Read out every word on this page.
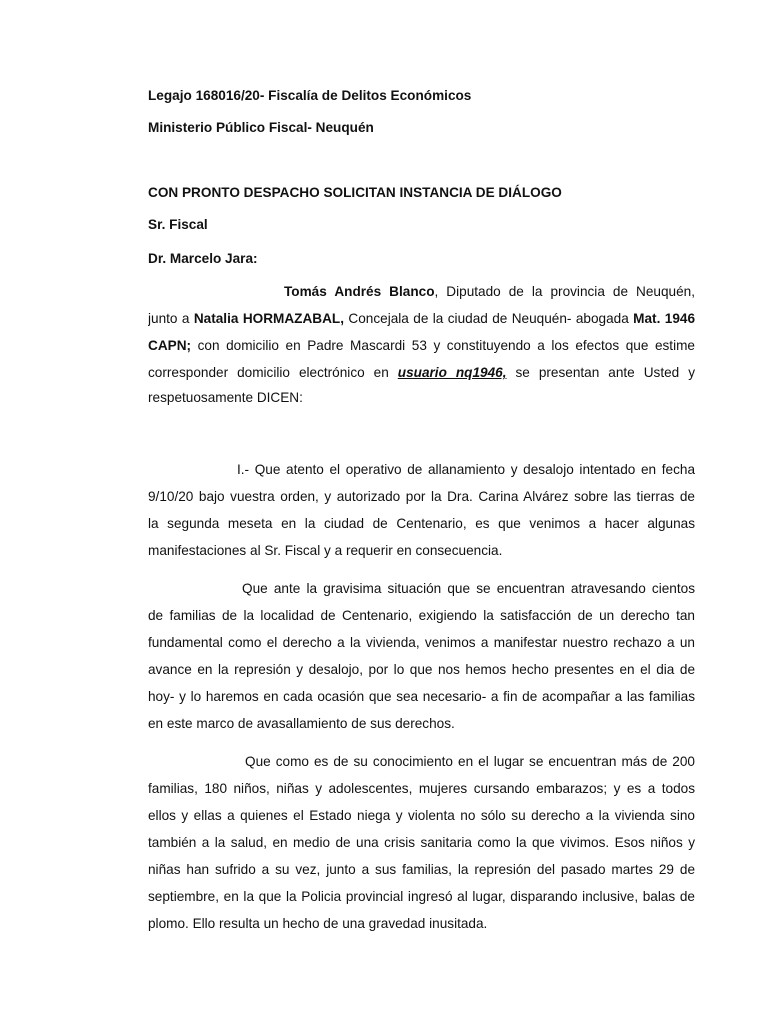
Legajo 168016/20- Fiscalía de Delitos Económicos
Ministerio Público Fiscal- Neuquén
CON PRONTO DESPACHO SOLICITAN INSTANCIA DE DIÁLOGO
Sr. Fiscal
Dr. Marcelo Jara:
Tomás Andrés Blanco, Diputado de la provincia de Neuquén,
junto a Natalia HORMAZABAL, Concejala de la ciudad de Neuquén- abogada Mat. 1946
CAPN; con domicilio en Padre Mascardi 53 y constituyendo a los efectos que estime
corresponder domicilio electrónico en usuario nq1946, se presentan ante Usted y
respetuosamente DICEN:
I.- Que atento el operativo de allanamiento y desalojo intentado en fecha
9/10/20 bajo vuestra orden, y autorizado por la Dra. Carina Alvárez sobre las tierras de
la segunda meseta en la ciudad de Centenario, es que venimos a hacer algunas
manifestaciones al Sr. Fiscal y a requerir en consecuencia.
Que ante la gravisima situación que se encuentran atravesando cientos
de familias de la localidad de Centenario, exigiendo la satisfacción de un derecho tan
fundamental como el derecho a la vivienda, venimos a manifestar nuestro rechazo a un
avance en la represión y desalojo, por lo que nos hemos hecho presentes en el dia de
hoy- y lo haremos en cada ocasión que sea necesario- a fin de acompañar a las familias
en este marco de avasallamiento de sus derechos.
Que como es de su conocimiento en el lugar se encuentran más de 200
familias, 180 niños, niñas y adolescentes, mujeres cursando embarazos; y es a todos
ellos y ellas a quienes el Estado niega y violenta no sólo su derecho a la vivienda sino
también a la salud, en medio de una crisis sanitaria como la que vivimos. Esos niños y
niñas han sufrido a su vez, junto a sus familias, la represión del pasado martes 29 de
septiembre, en la que la Policia provincial ingresó al lugar, disparando inclusive, balas de
plomo. Ello resulta un hecho de una gravedad inusitada.
